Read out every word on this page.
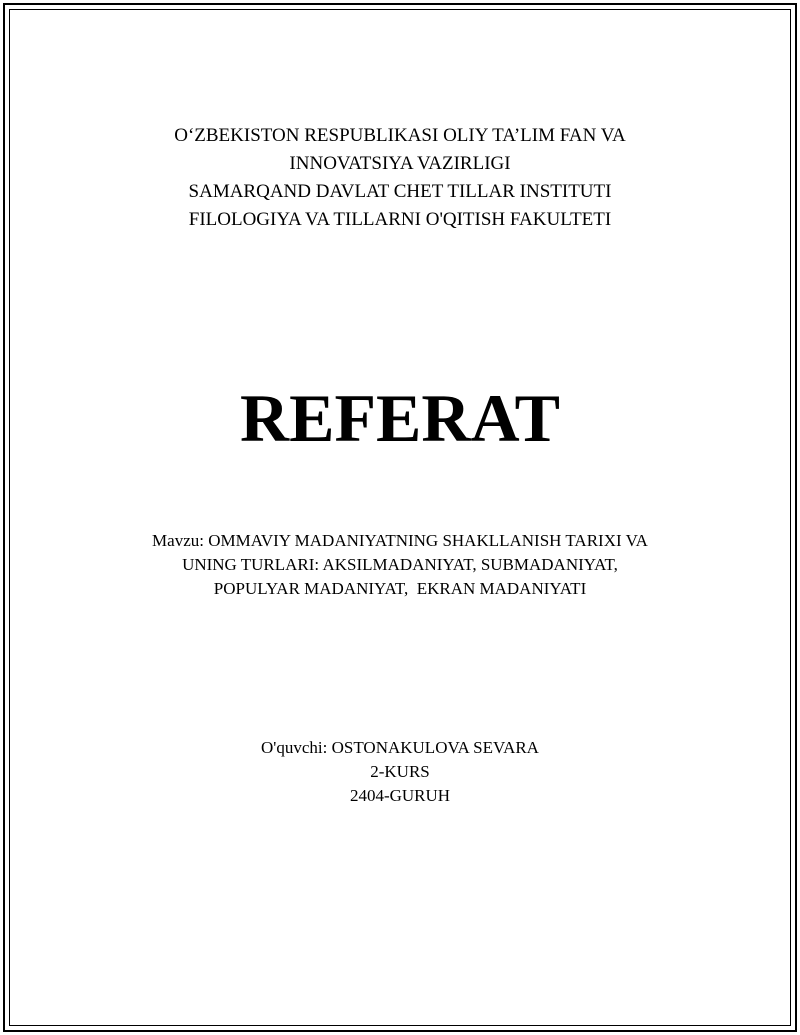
O‘ZBEKISTON RESPUBLIKASI OLIY TA’LIM FAN VA
INNOVATSIYA VAZIRLIGI
SAMARQAND DAVLAT CHET TILLAR INSTITUTI
FILOLOGIYA VA TILLARNI O'QITISH FAKULTETI
REFERAT
Mavzu: OMMAVIY MADANIYATNING SHAKLLANISH TARIXI VA
UNING TURLARI: AKSILMADANIYAT, SUBMADANIYAT,
POPULYAR MADANIYAT,  EKRAN MADANIYATI
O'quvchi: OSTONAKULOVA SEVARA
2-KURS
2404-GURUH
